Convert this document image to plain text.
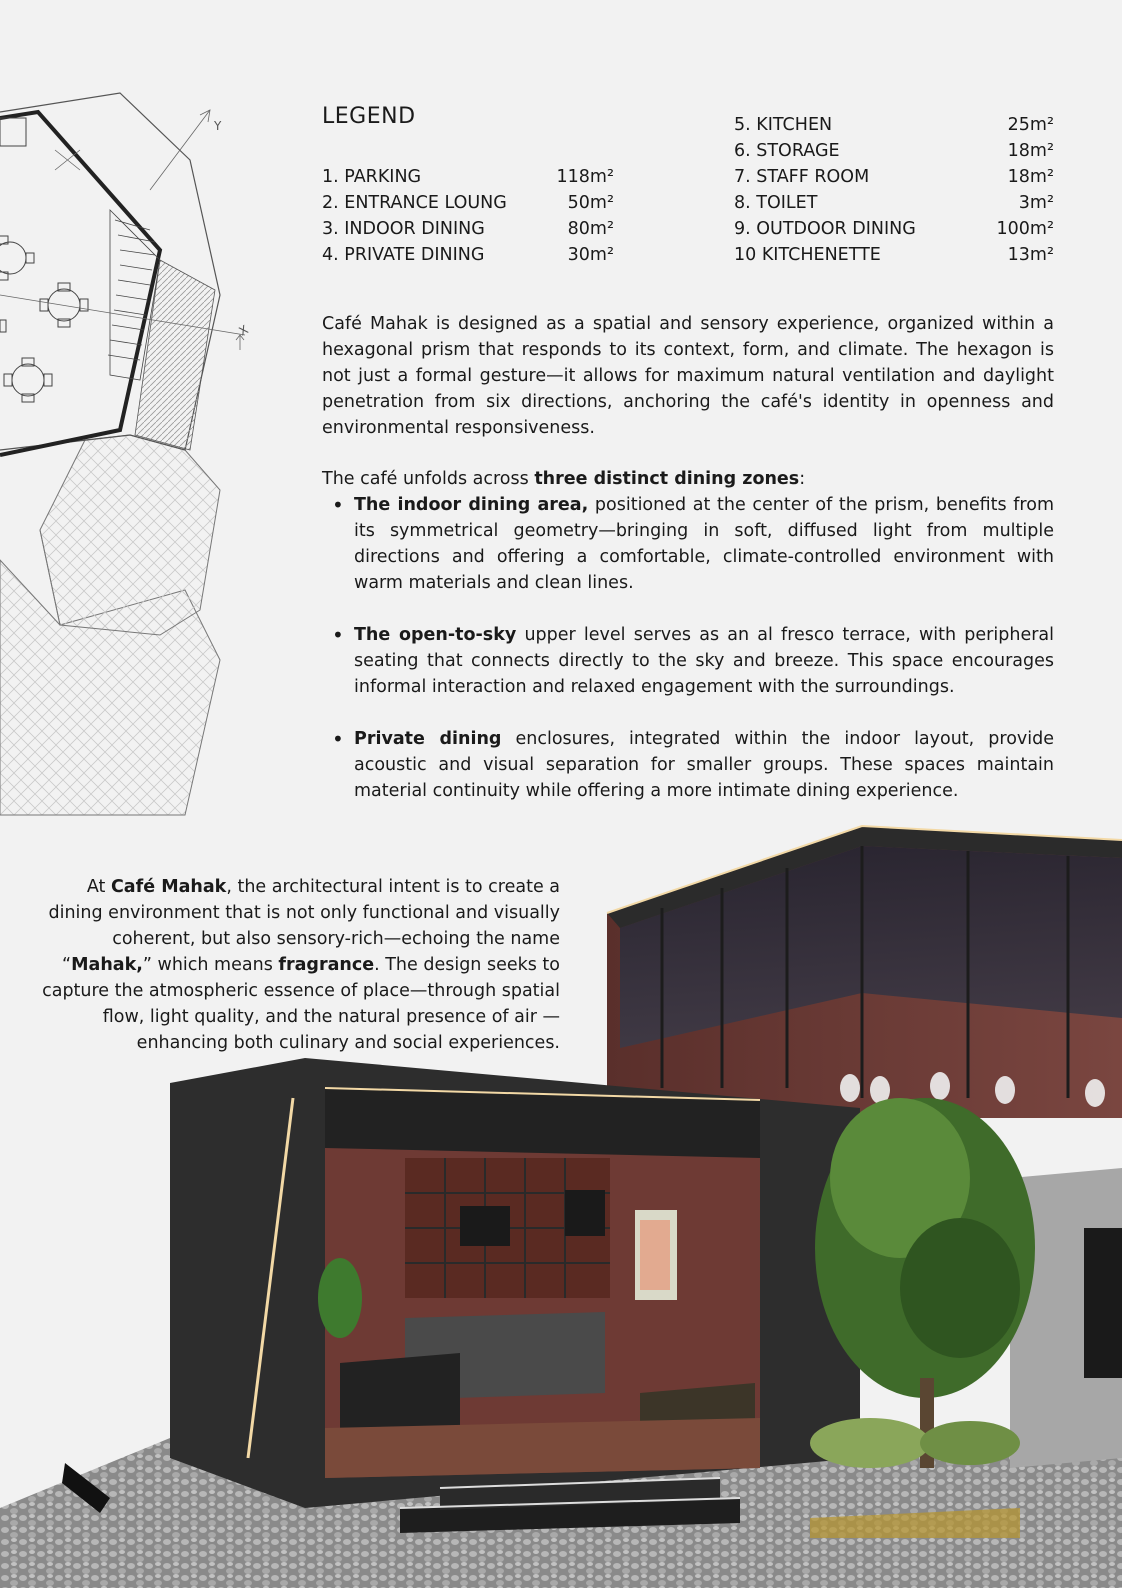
Y
X
LEGEND
1. PARKING	118m²
2. ENTRANCE LOUNG	50m²
3. INDOOR DINING	80m²
4. PRIVATE DINING	30m²
5. KITCHEN	25m²
6. STORAGE	18m²
7. STAFF ROOM	18m²
8. TOILET	3m²
9. OUTDOOR DINING	100m²
10 KITCHENETTE	13m²
Café Mahak is designed as a spatial and sensory experience, organized within a hexagonal prism that responds to its context, form, and climate. The hexagon is not just a formal gesture—it allows for maximum natural ventilation and daylight penetration from six directions, anchoring the café's identity in openness and environmental responsiveness.
The café unfolds across three distinct dining zones:
• The indoor dining area, positioned at the center of the prism, benefits from its symmetrical geometry—bringing in soft, diffused light from multiple directions and offering a comfortable, climate-controlled environment with warm materials and clean lines.
• The open-to-sky upper level serves as an al fresco terrace, with peripheral seating that connects directly to the sky and breeze. This space encourages informal interaction and relaxed engagement with the surroundings.
• Private dining enclosures, integrated within the indoor layout, provide acoustic and visual separation for smaller groups. These spaces maintain material continuity while offering a more intimate dining experience.
At Café Mahak, the architectural intent is to create a dining environment that is not only functional and visually coherent, but also sensory-rich—echoing the name “Mahak,” which means fragrance. The design seeks to capture the atmospheric essence of place—through spatial flow, light quality, and the natural presence of air —enhancing both culinary and social experiences.
